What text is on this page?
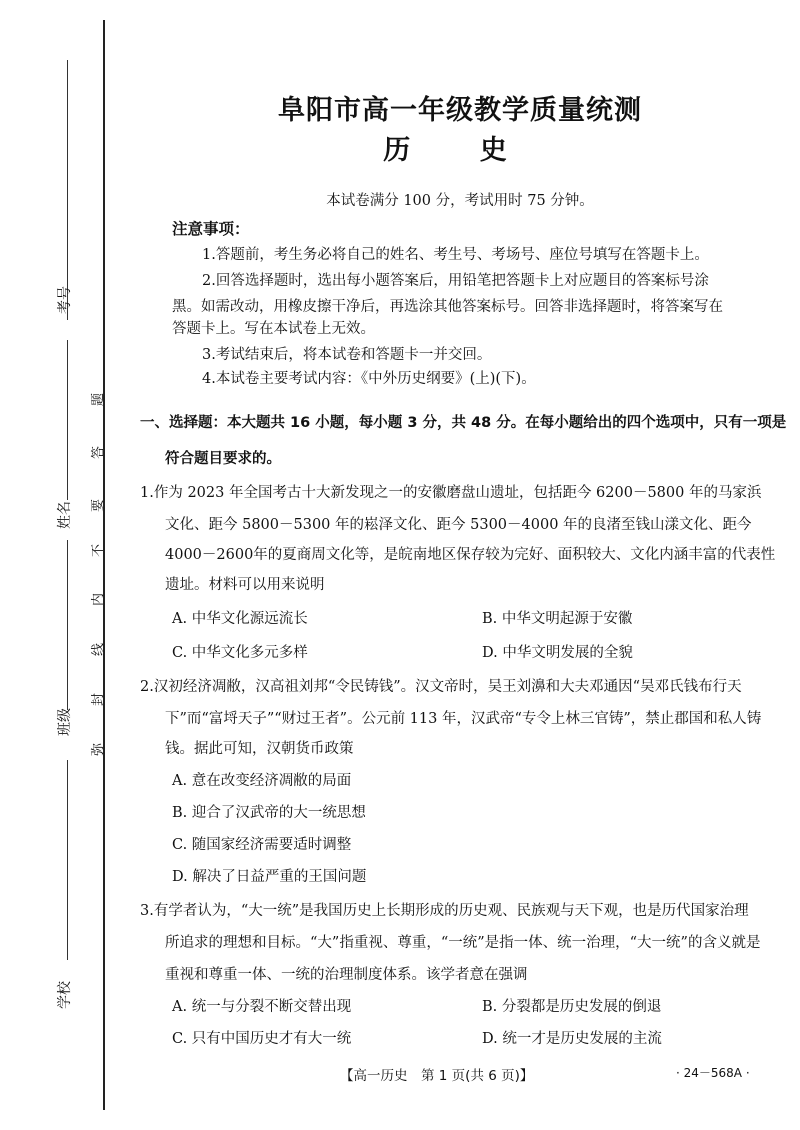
考号
姓名
班级
学校
题
答
要
不
内
线
封
弥
阜阳市高一年级教学质量统测
历 史
本试卷满分 100 分，考试用时 75 分钟。
注意事项：
1.答题前，考生务必将自己的姓名、考生号、考场号、座位号填写在答题卡上。
2.回答选择题时，选出每小题答案后，用铅笔把答题卡上对应题目的答案标号涂
黑。如需改动，用橡皮擦干净后，再选涂其他答案标号。回答非选择题时，将答案写在
答题卡上。写在本试卷上无效。
3.考试结束后，将本试卷和答题卡一并交回。
4.本试卷主要考试内容：《中外历史纲要》(上)(下)。
一、选择题：本大题共 16 小题，每小题 3 分，共 48 分。在每小题给出的四个选项中，只有一项是
符合题目要求的。
1.作为 2023 年全国考古十大新发现之一的安徽磨盘山遗址，包括距今 6200－5800 年的马家浜
文化、距今 5800－5300 年的崧泽文化、距今 5300－4000 年的良渚至钱山漾文化、距今
4000－2600年的夏商周文化等，是皖南地区保存较为完好、面积较大、文化内涵丰富的代表性
遗址。材料可以用来说明
A. 中华文化源远流长	B. 中华文明起源于安徽
C. 中华文化多元多样	D. 中华文明发展的全貌
2.汉初经济凋敝，汉高祖刘邦“令民铸钱”。汉文帝时，吴王刘濞和大夫邓通因“吴邓氏钱布行天
下”而“富埒天子”“财过王者”。公元前 113 年，汉武帝“专令上林三官铸”，禁止郡国和私人铸
钱。据此可知，汉朝货币政策
A. 意在改变经济凋敝的局面
B. 迎合了汉武帝的大一统思想
C. 随国家经济需要适时调整
D. 解决了日益严重的王国问题
3.有学者认为，“大一统”是我国历史上长期形成的历史观、民族观与天下观，也是历代国家治理
所追求的理想和目标。“大”指重视、尊重，“一统”是指一体、统一治理，“大一统”的含义就是
重视和尊重一体、一统的治理制度体系。该学者意在强调
A. 统一与分裂不断交替出现	B. 分裂都是历史发展的倒退
C. 只有中国历史才有大一统	D. 统一才是历史发展的主流
【高一历史　第 1 页(共 6 页)】	· 24－568A ·
